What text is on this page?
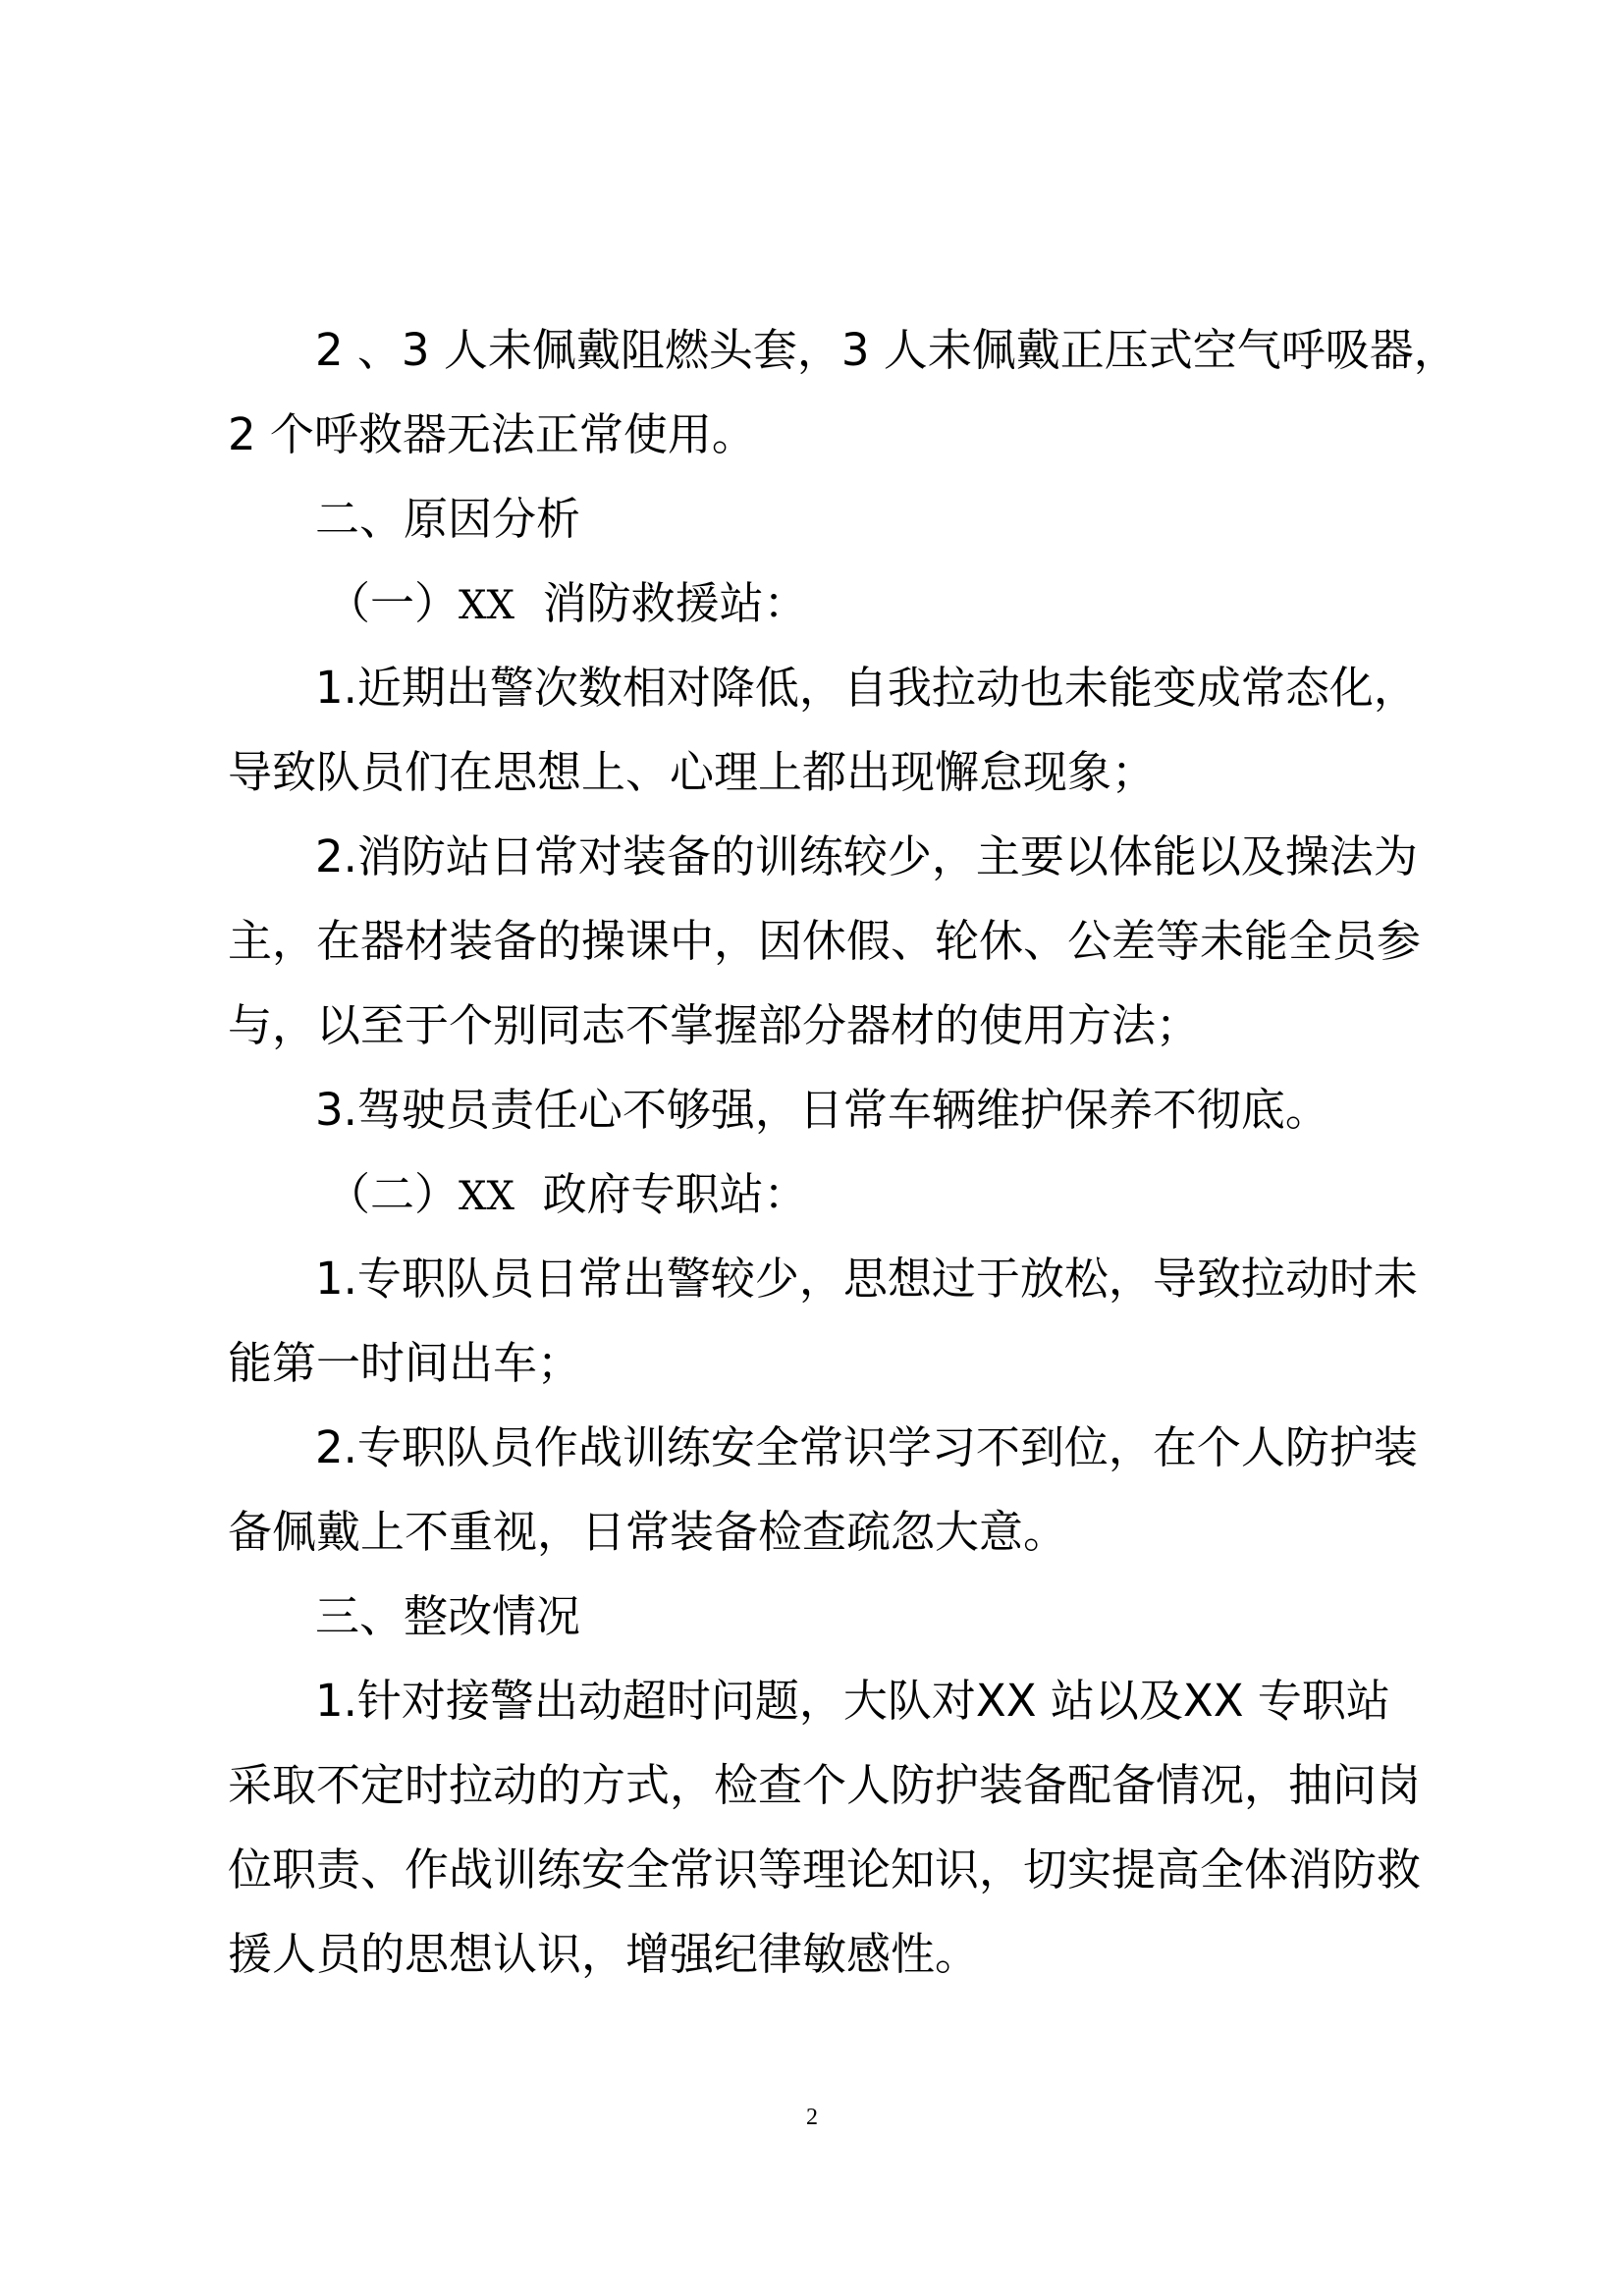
2 、3 人未佩戴阻燃头套，3 人未佩戴正压式空气呼吸器，
2 个呼救器无法正常使用。
二、原因分析
（一）XX 消防救援站：
1.近期出警次数相对降低，自我拉动也未能变成常态化，
导致队员们在思想上、心理上都出现懈怠现象；
2.消防站日常对装备的训练较少，主要以体能以及操法为
主，在器材装备的操课中，因休假、轮休、公差等未能全员参
与，以至于个别同志不掌握部分器材的使用方法；
3.驾驶员责任心不够强，日常车辆维护保养不彻底。
（二）XX 政府专职站：
1.专职队员日常出警较少，思想过于放松，导致拉动时未
能第一时间出车；
2.专职队员作战训练安全常识学习不到位，在个人防护装
备佩戴上不重视，日常装备检查疏忽大意。
三、整改情况
1.针对接警出动超时问题，大队对XX 站以及XX 专职站
采取不定时拉动的方式，检查个人防护装备配备情况，抽问岗
位职责、作战训练安全常识等理论知识，切实提高全体消防救
援人员的思想认识，增强纪律敏感性。
2
